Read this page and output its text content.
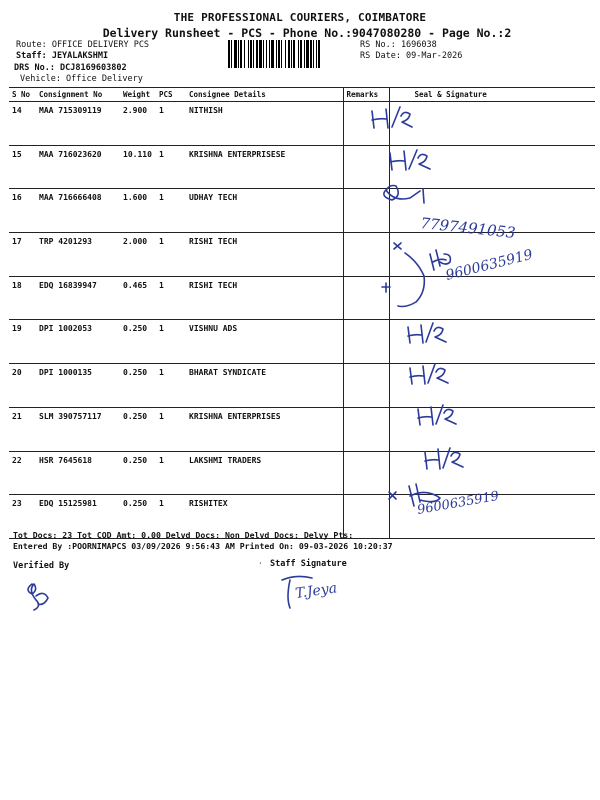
THE PROFESSIONAL COURIERS, COIMBATORE
Delivery Runsheet - PCS - Phone No.:9047080280 - Page No.:2
Route: OFFICE DELIVERY PCS
Staff: JEYALAKSHMI
DRS No.: DCJ8169603802
Vehicle: Office Delivery
RS No.: 1696038
RS Date: 09-Mar-2026
S No	Consignment No	Weight	PCS	Consignee Details	Remarks	Seal & Signature
14	MAA 715309119	2.900	1	NITHISH		
15	MAA 716023620	10.110	1	KRISHNA ENTERPRISESE		
16	MAA 716666408	1.600	1	UDHAY TECH		
17	TRP 4201293	2.000	1	RISHI TECH		
18	EDQ 16839947	0.465	1	RISHI TECH		
19	DPI 1002053	0.250	1	VISHNU ADS		
20	DPI 1000135	0.250	1	BHARAT SYNDICATE		
21	SLM 390757117	0.250	1	KRISHNA ENTERPRISES		
22	HSR 7645618	0.250	1	LAKSHMI TRADERS		
23	EDQ 15125981	0.250	1	RISHITEX		
7797491053
9600635919
9600635919
T.Jeya
Tot Docs: 23 Tot COD Amt: 0.00 Delvd Docs: Non Delvd Docs: Delvy Pts:
Entered By :POORNIMAPCS 03/09/2026 9:56:43 AM Printed On: 09-03-2026 10:20:37
Verified By	Staff Signature
˙
